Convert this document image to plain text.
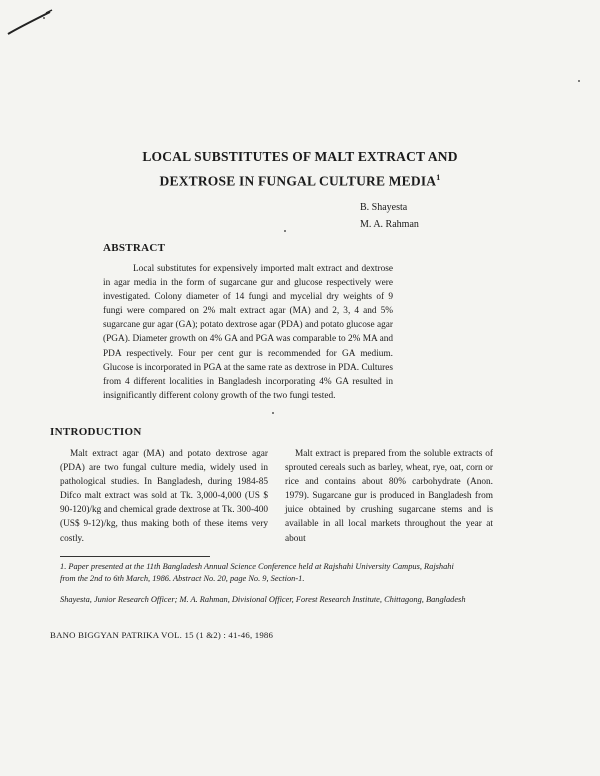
LOCAL SUBSTITUTES OF MALT EXTRACT AND
DEXTROSE IN FUNGAL CULTURE MEDIA$^1$
B. Shayesta
M. A. Rahman
ABSTRACT
Local substitutes for expensively imported malt extract and dextrose in agar media in the form of sugarcane gur and glucose respectively were investigated. Colony diameter of 14 fungi and mycelial dry weights of 9 fungi were compared on 2% malt extract agar (MA) and 2, 3, 4 and 5% sugarcane gur agar (GA); potato dextrose agar (PDA) and potato glucose agar (PGA). Diameter growth on 4% GA and PGA was comparable to 2% MA and PDA respectively. Four per cent gur is recommended for GA medium. Glucose is incorporated in PGA at the same rate as dextrose in PDA. Cultures from 4 different localities in Bangladesh incorporating 4% GA resulted in insignificantly different colony growth of the two fungi tested.
INTRODUCTION
Malt extract agar (MA) and potato dextrose agar (PDA) are two fungal culture media, widely used in pathological studies. In Bangladesh, during 1984-85 Difco malt extract was sold at Tk. 3,000-4,000 (US $ 90-120)/kg and chemical grade dextrose at Tk. 300-400 (US$ 9-12)/kg, thus making both of these items very costly.
Malt extract is prepared from the soluble extracts of sprouted cereals such as barley, wheat, rye, oat, corn or rice and contains about 80% carbohydrate (Anon. 1979). Sugarcane gur is produced in Bangladesh from juice obtained by crushing sugarcane stems and is available in all local markets throughout the year at about
1. Paper presented at the 11th Bangladesh Annual Science Conference held at Rajshahi University Campus, Rajshahi from the 2nd to 6th March, 1986. Abstract No. 20, page No. 9, Section-1.
Shayesta, Junior Research Officer; M. A. Rahman, Divisional Officer, Forest Research Institute, Chittagong, Bangladesh
BANO BIGGYAN PATRIKA VOL. 15 (1 &2) : 41-46, 1986
